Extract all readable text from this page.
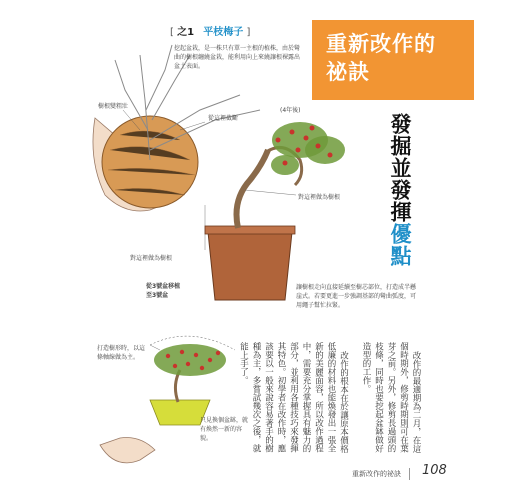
重新改作的
祕訣
[ 之1 平枝梅子 ]
挖起盆栽，是一株只有單一主根的植株，由於彎曲的樹根纏繞盆栽，能利用向上來繞讓根裸露出盆土表面。
樹根變粗壯
從這裡截斷
(4年後)
對這裡做為樹根
對這裡做為樹根
從3號盆移植
至3號盆
讓樹根走向直接延續至樹芯部位，打造成半懸崖式。若要更進一步強調基部的彎曲弧度，可用繩子幫忙拉緊。
打造樹形時，以這條軸線做為主。
只見換個盆缽，就有煥然一新的容貌。
發掘並發揮優點

改作的最適期為二月，在這個時期外，修剪時期則可在葉芽之前。另外，修剪長過頭的枝條，同時也要挖起盆缽做好造型的工作。

改作的根本在於讓原本價格低廉的材料也能煥發出一張全新的美麗面容，所以改作過程中，需要充分掌握具有魅力的部分，並利用各種技巧來發揮其特色。初學者在改作時，應該要以一般來說容易著手的樹種為主，多嘗試幾次之後，就能上手了。

重新改作的祕訣 108
